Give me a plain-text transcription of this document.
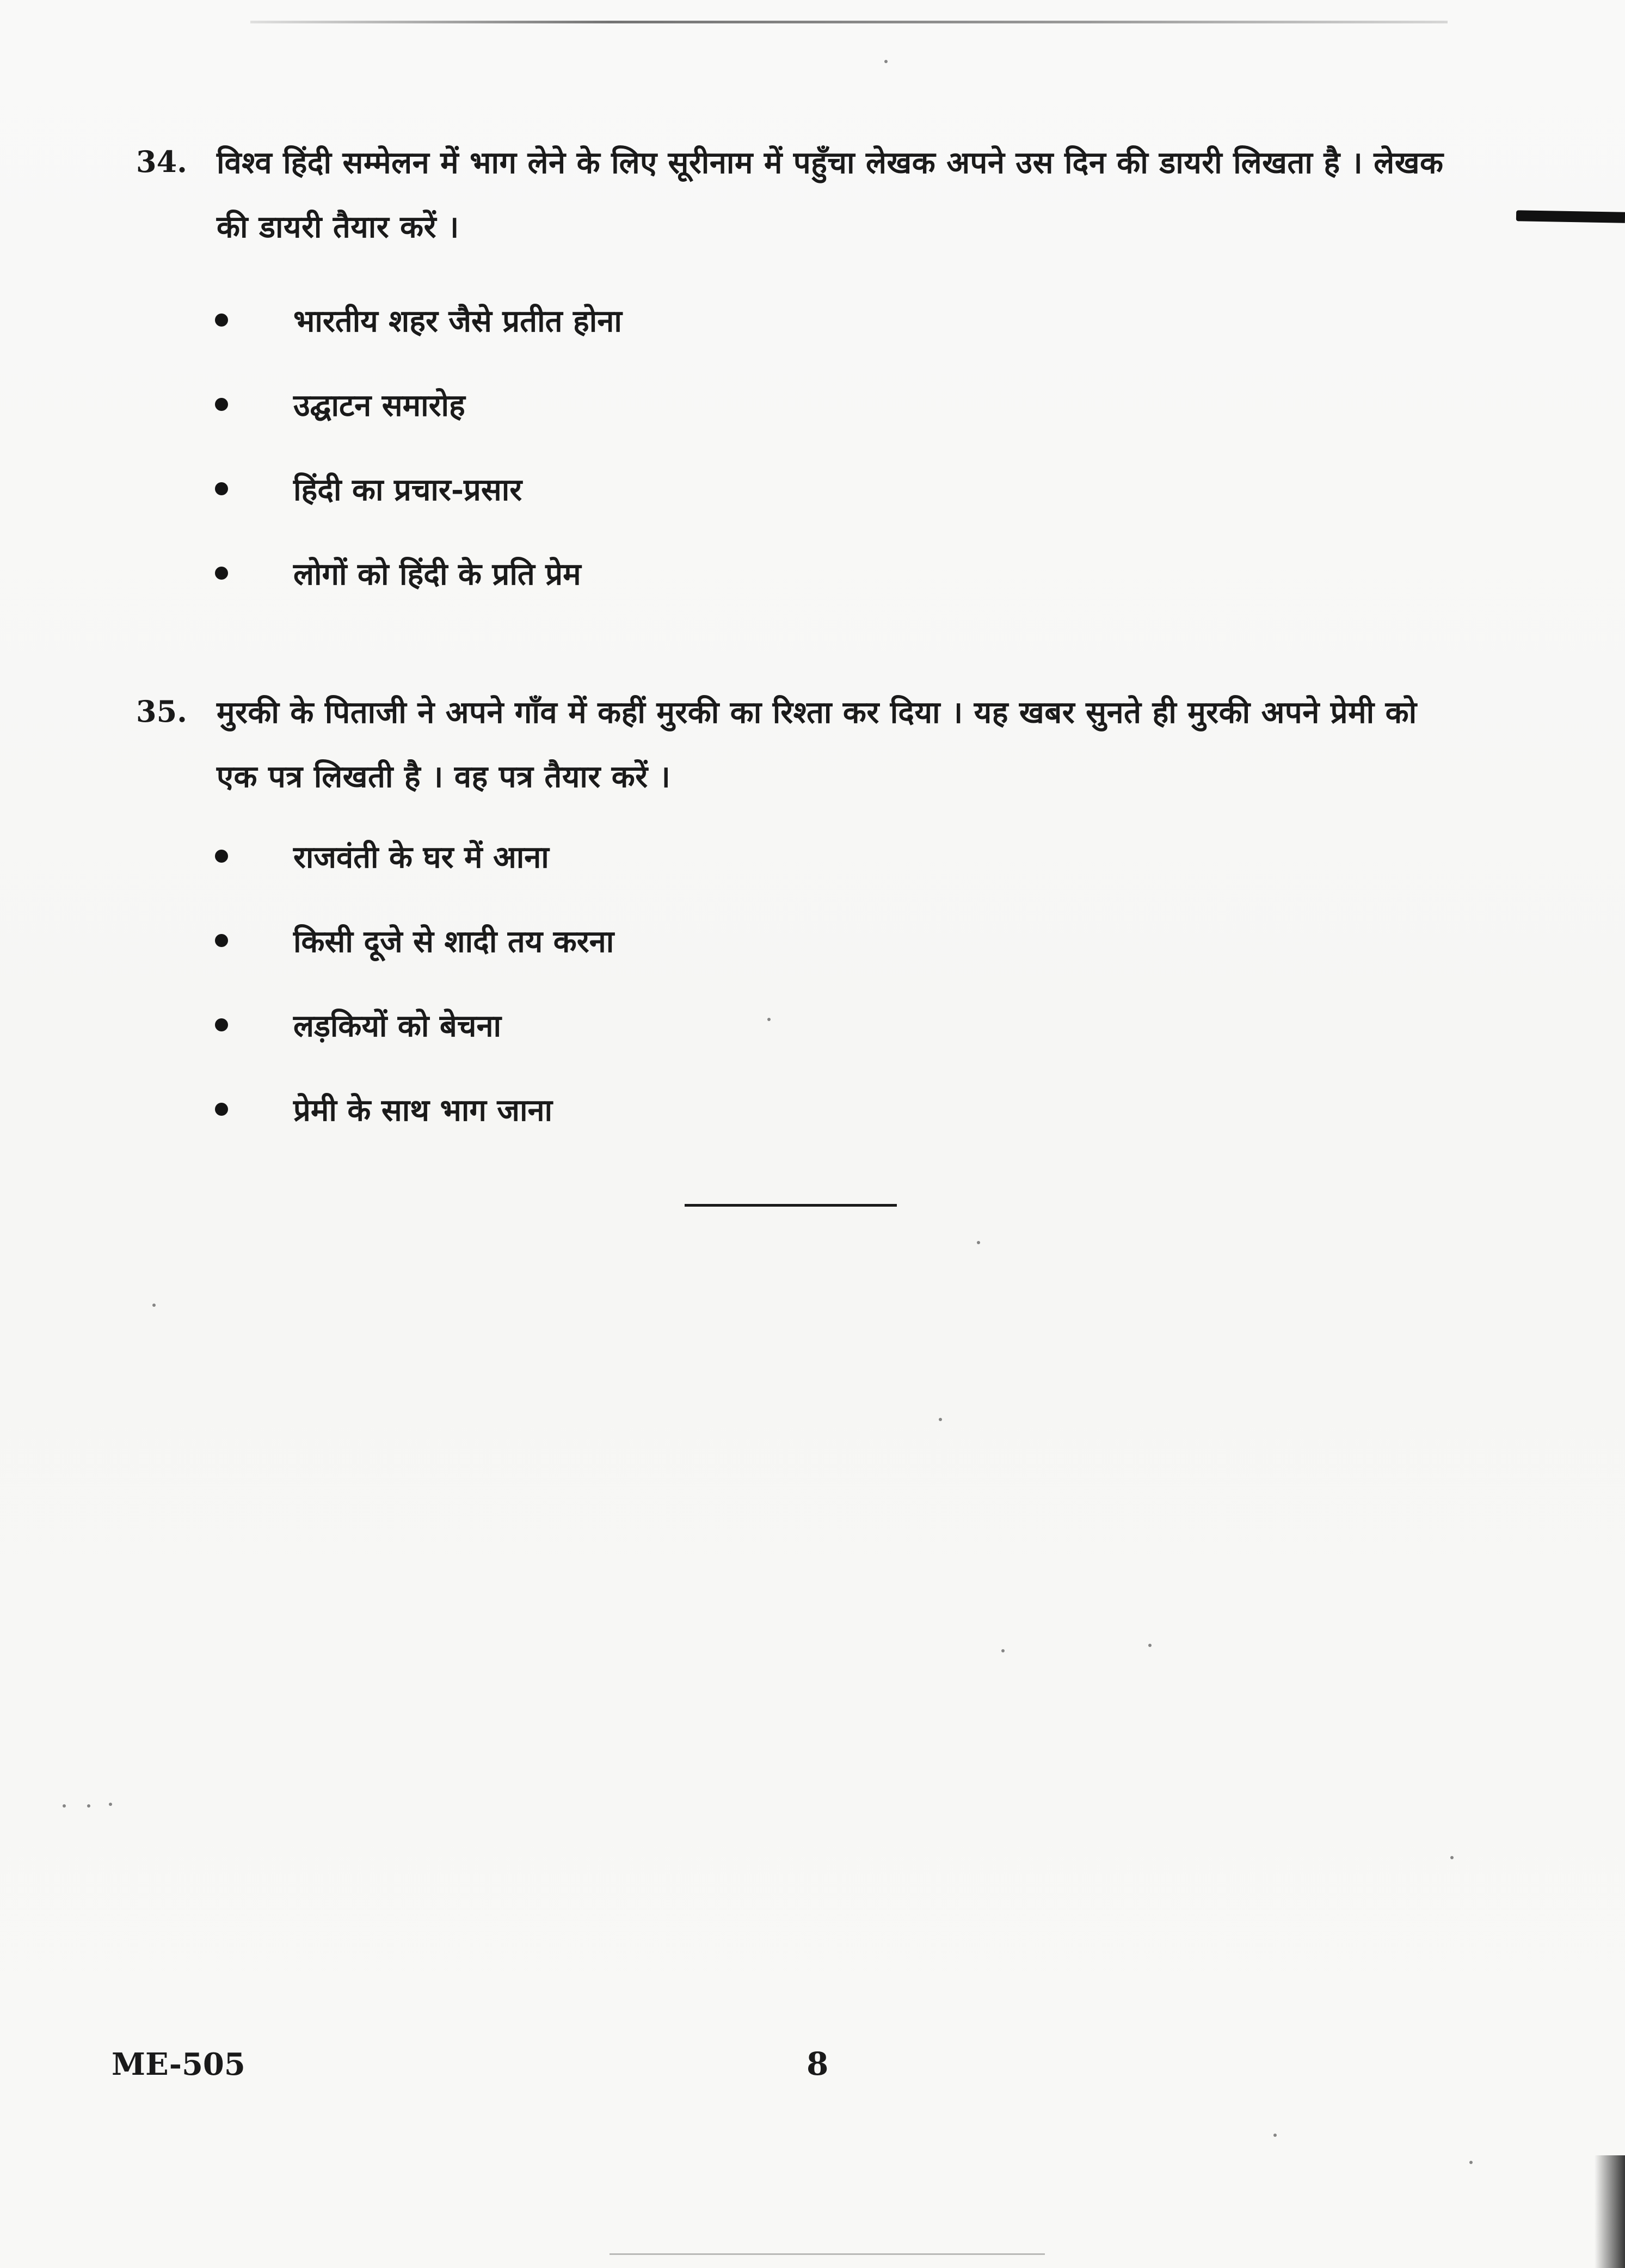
34. विश्व हिंदी सम्मेलन में भाग लेने के लिए सूरीनाम में पहुँचा लेखक अपने उस दिन की डायरी लिखता है । लेखक की डायरी तैयार करें ।
भारतीय शहर जैसे प्रतीत होना
उद्घाटन समारोह
हिंदी का प्रचार-प्रसार
लोगों को हिंदी के प्रति प्रेम
35. मुरकी के पिताजी ने अपने गाँव में कहीं मुरकी का रिश्ता कर दिया । यह खबर सुनते ही मुरकी अपने प्रेमी को एक पत्र लिखती है । वह पत्र तैयार करें ।
राजवंती के घर में आना
किसी दूजे से शादी तय करना
लड़कियों को बेचना
प्रेमी के साथ भाग जाना
ME-505	8
